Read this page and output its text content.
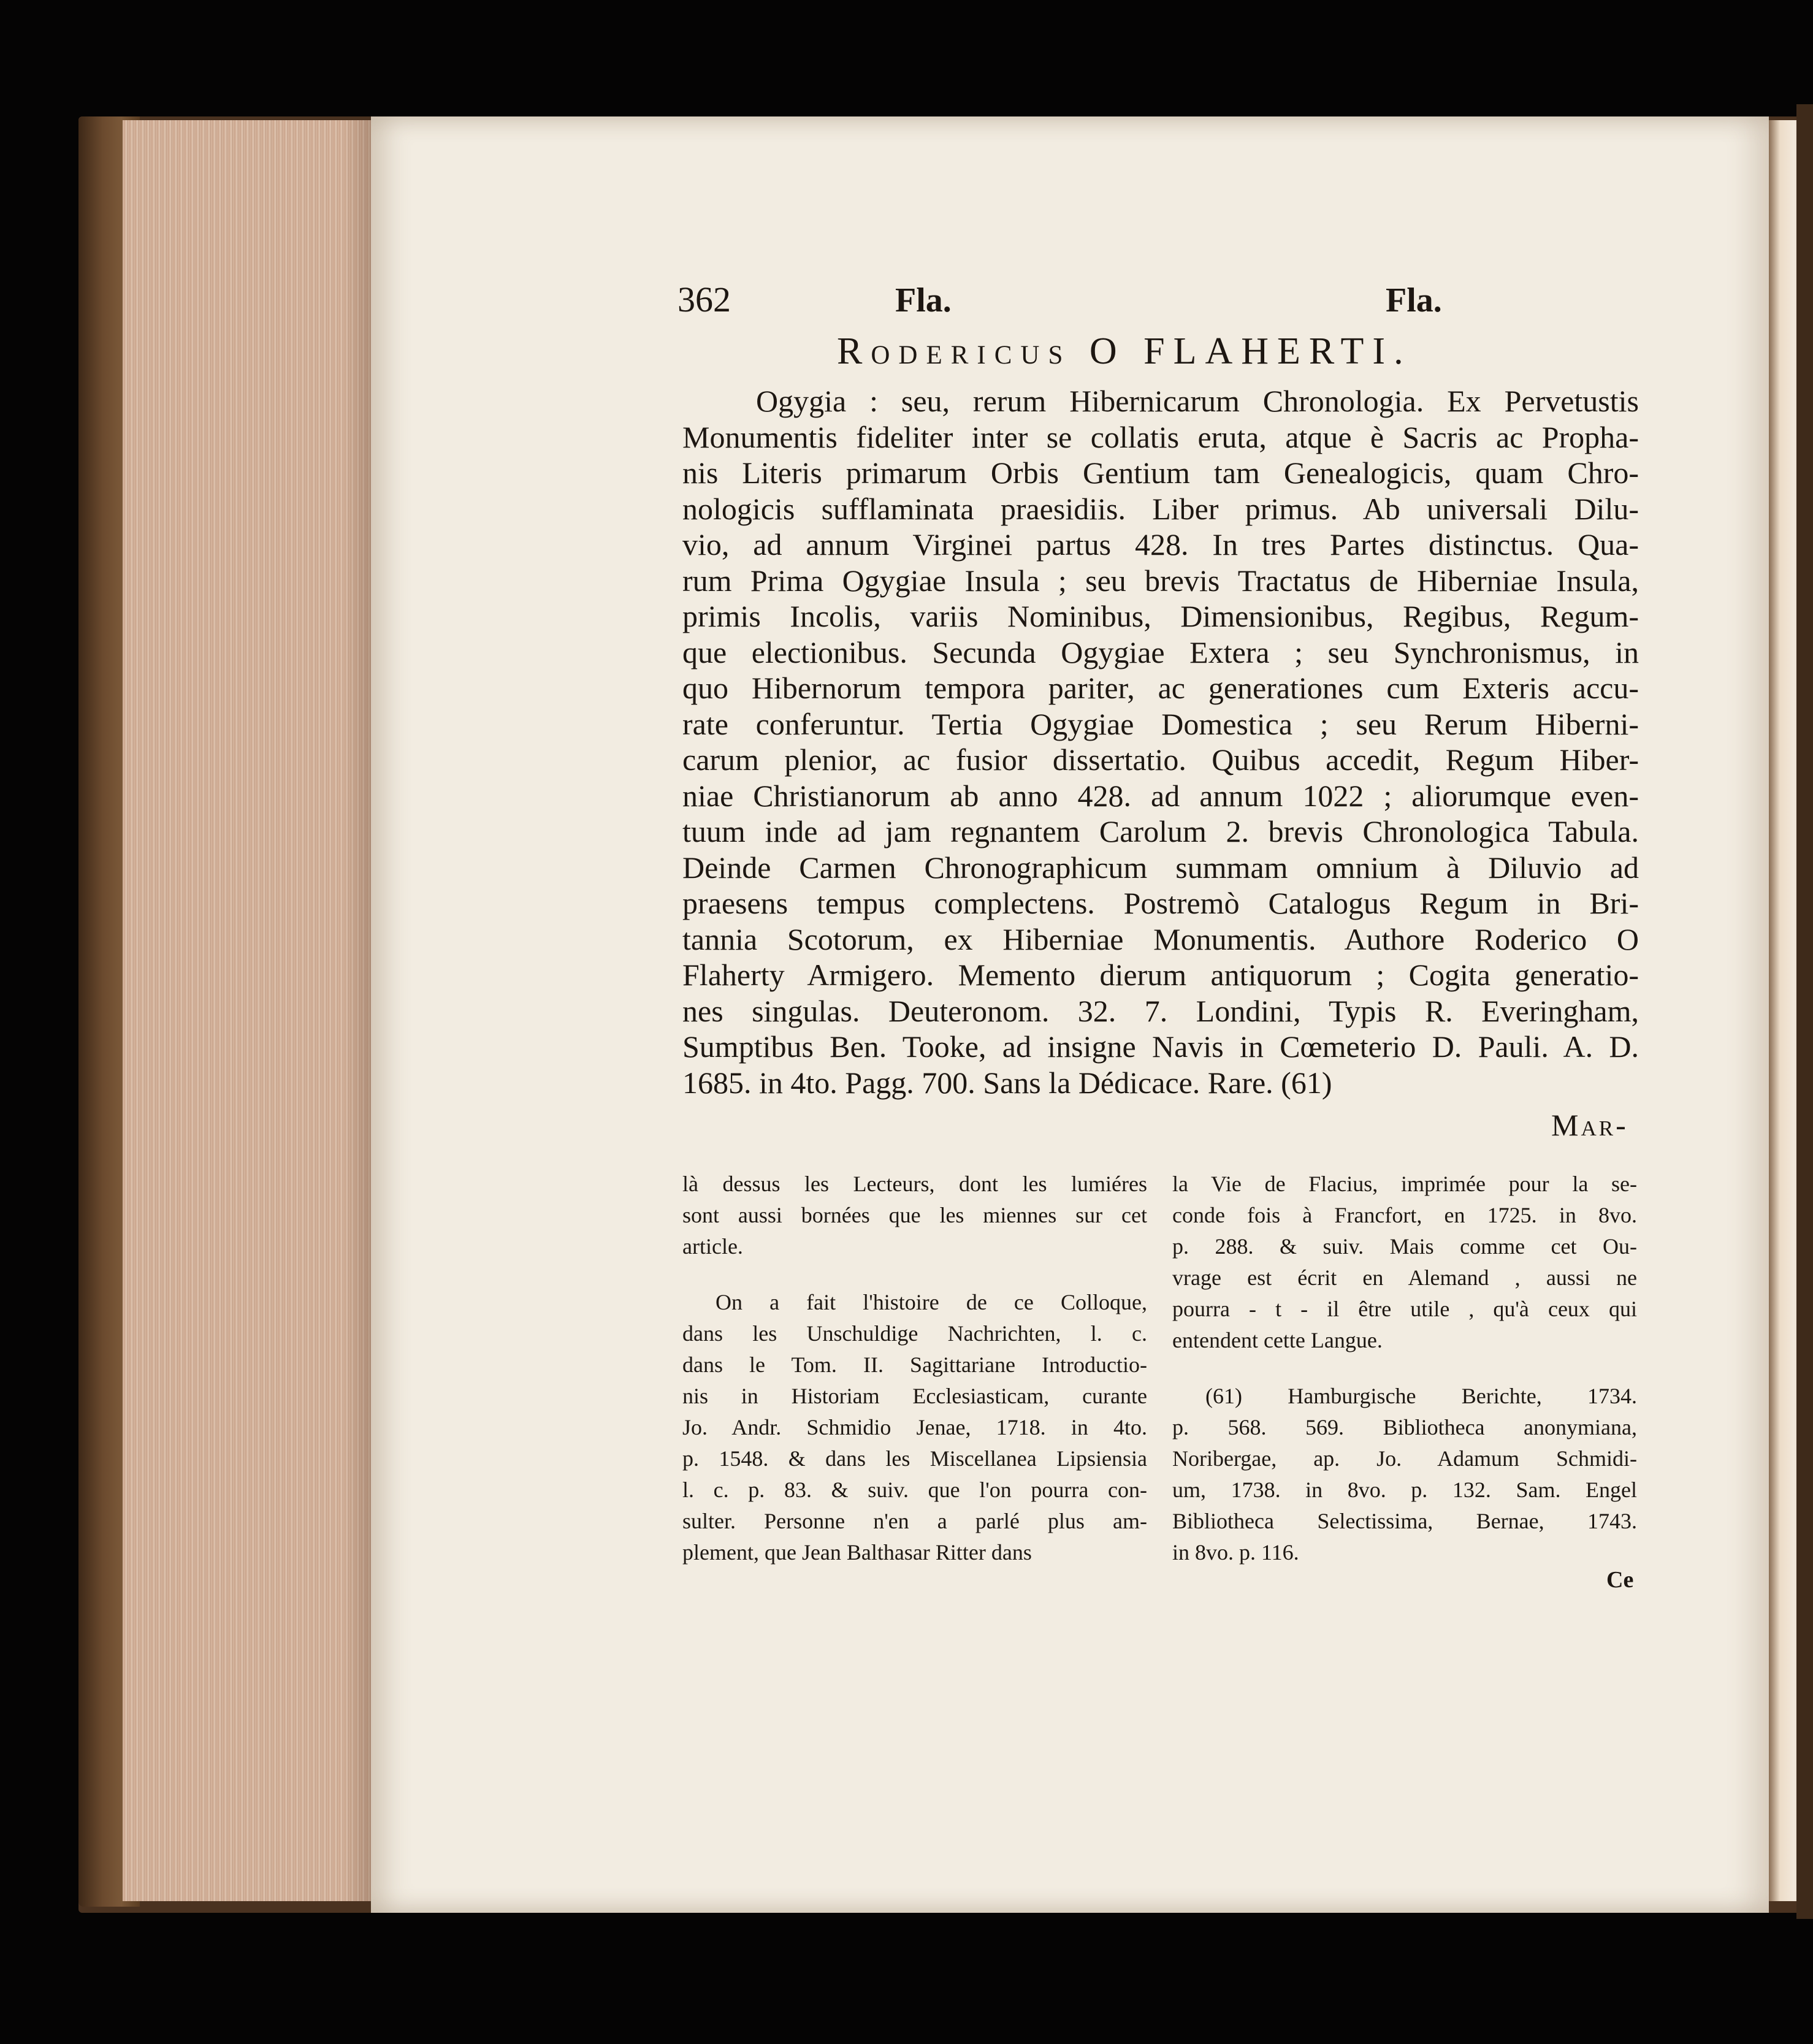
362	Fla.	Fla.
Rodericus O FLAHERTI.
Ogygia : seu, rerum Hibernicarum Chronologia. Ex Pervetustis
Monumentis fideliter inter se collatis eruta, atque è Sacris ac Propha-
nis Literis primarum Orbis Gentium tam Genealogicis, quam Chro-
nologicis sufflaminata praesidiis. Liber primus. Ab universali Dilu-
vio, ad annum Virginei partus 428. In tres Partes distinctus. Qua-
rum Prima Ogygiae Insula ; seu brevis Tractatus de Hiberniae Insula,
primis Incolis, variis Nominibus, Dimensionibus, Regibus, Regum-
que electionibus. Secunda Ogygiae Extera ; seu Synchronismus, in
quo Hibernorum tempora pariter, ac generationes cum Exteris accu-
rate conferuntur. Tertia Ogygiae Domestica ; seu Rerum Hiberni-
carum plenior, ac fusior dissertatio. Quibus accedit, Regum Hiber-
niae Christianorum ab anno 428. ad annum 1022 ; aliorumque even-
tuum inde ad jam regnantem Carolum 2. brevis Chronologica Tabula.
Deinde Carmen Chronographicum summam omnium à Diluvio ad
praesens tempus complectens. Postremò Catalogus Regum in Bri-
tannia Scotorum, ex Hiberniae Monumentis. Authore Roderico O
Flaherty Armigero. Memento dierum antiquorum ; Cogita generatio-
nes singulas. Deuteronom. 32. 7. Londini, Typis R. Everingham,
Sumptibus Ben. Tooke, ad insigne Navis in Cœmeterio D. Pauli. A. D.
1685. in 4to. Pagg. 700. Sans la Dédicace. Rare. (61)
Mar-
là dessus les Lecteurs, dont les lumiéres
sont aussi bornées que les miennes sur cet
article.
On a fait l'histoire de ce Colloque,
dans les Unschuldige Nachrichten, l. c.
dans le Tom. II. Sagittariane Introductio-
nis in Historiam Ecclesiasticam, curante
Jo. Andr. Schmidio Jenae, 1718. in 4to.
p. 1548. & dans les Miscellanea Lipsiensia
l. c. p. 83. & suiv. que l'on pourra con-
sulter. Personne n'en a parlé plus am-
plement, que Jean Balthasar Ritter dans
la Vie de Flacius, imprimée pour la se-
conde fois à Francfort, en 1725. in 8vo.
p. 288. & suiv. Mais comme cet Ou-
vrage est écrit en Alemand , aussi ne
pourra - t - il être utile , qu'à ceux qui
entendent cette Langue.
(61) Hamburgische Berichte, 1734.
p. 568. 569. Bibliotheca anonymiana,
Noribergae, ap. Jo. Adamum Schmidi-
um, 1738. in 8vo. p. 132. Sam. Engel
Bibliotheca Selectissima, Bernae, 1743.
in 8vo. p. 116.
Ce
